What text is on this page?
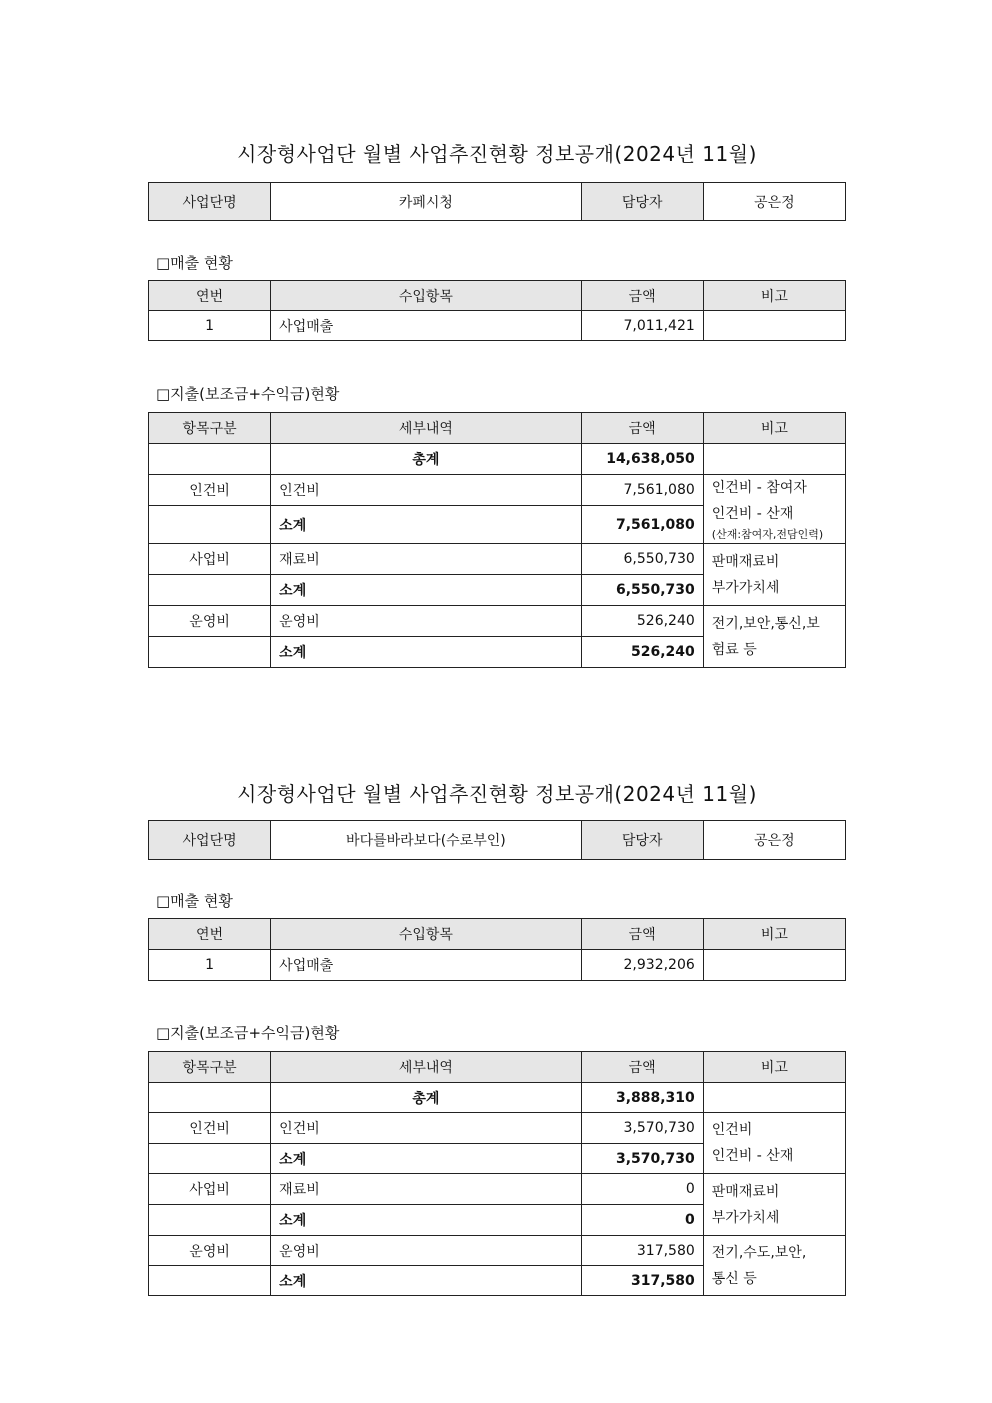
시장형사업단 월별 사업추진현황 정보공개(2024년 11월)
사업단명	카페시청	담당자	공은정
□매출 현황
연번	수입항목	금액	비고
1	사업매출	7,011,421	
□지출(보조금+수익금)현황
항목구분	세부내역	금액	비고
	총계	14,638,050	
인건비	인건비	7,561,080	인건비 - 참여자
인건비 - 산재
(산재:참여자,전담인력)

	소계	7,561,080	
사업비	재료비	6,550,730	판매재료비
부가가치세

	소계	6,550,730	
운영비	운영비	526,240	전기,보안,통신,보
험료 등

	소계	526,240	
시장형사업단 월별 사업추진현황 정보공개(2024년 11월)
사업단명	바다를바라보다(수로부인)	담당자	공은정
□매출 현황
연번	수입항목	금액	비고
1	사업매출	2,932,206	
□지출(보조금+수익금)현황
항목구분	세부내역	금액	비고
	총계	3,888,310	
인건비	인건비	3,570,730	인건비
인건비 - 산재

	소계	3,570,730	
사업비	재료비	0	판매재료비
부가가치세

	소계	0	
운영비	운영비	317,580	전기,수도,보안,
통신 등

	소계	317,580	
